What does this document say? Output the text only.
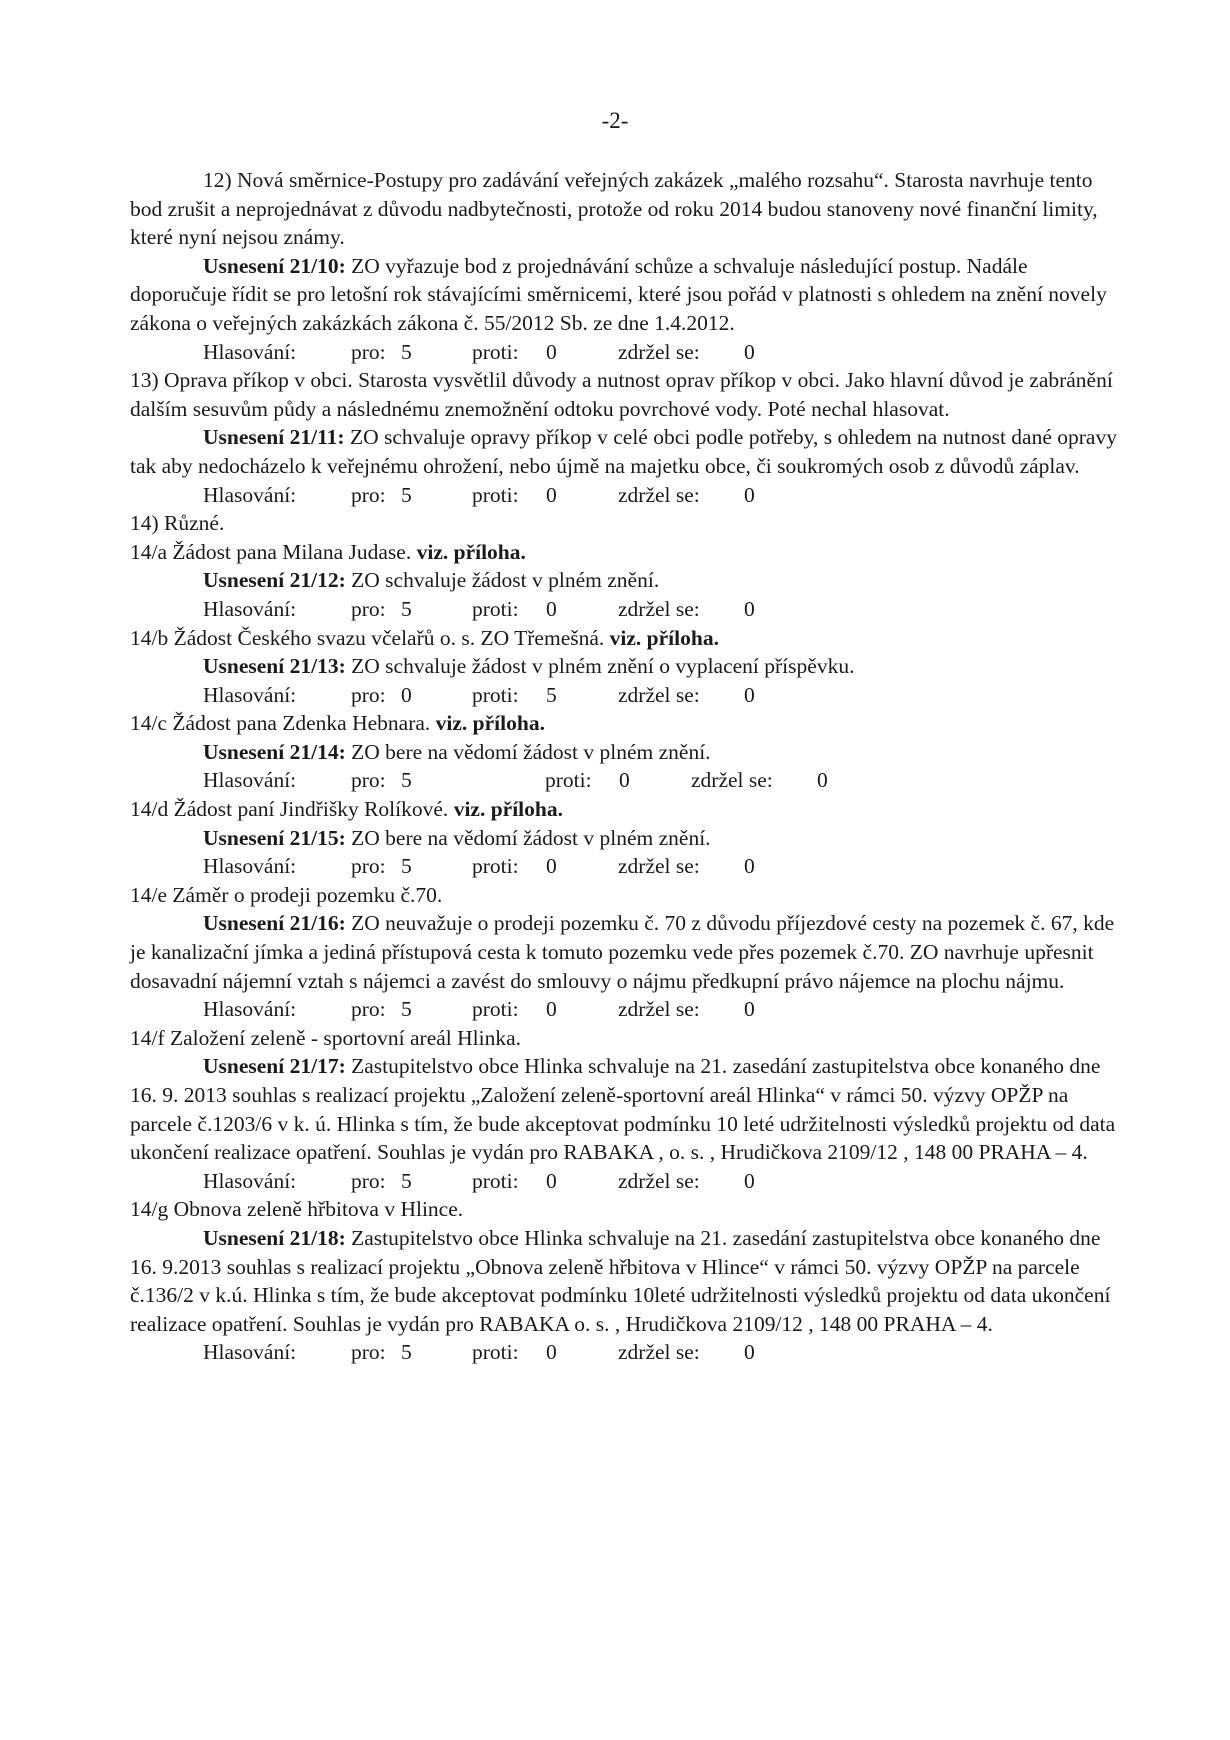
-2-

12) Nová směrnice-Postupy pro zadávání veřejných zakázek „malého rozsahu“. Starosta navrhuje tento bod zrušit a neprojednávat z důvodu nadbytečnosti, protože od roku 2014 budou stanoveny nové finanční limity, které nyní nejsou známy.

Usnesení 21/10: ZO vyřazuje bod z projednávání schůze a schvaluje následující postup. Nadále doporučuje řídit se pro letošní rok stávajícími směrnicemi, které jsou pořád v platnosti s ohledem na znění novely zákona o veřejných zakázkách zákona č. 55/2012 Sb. ze dne 1.4.2012.

Hlasování:	pro: 5	proti: 0	zdržel se: 0

13) Oprava příkop v obci. Starosta vysvětlil důvody a nutnost oprav příkop v obci. Jako hlavní důvod je zabránění dalším sesuvům půdy a následnému znemožnění odtoku povrchové vody. Poté nechal hlasovat.

Usnesení 21/11: ZO schvaluje opravy příkop v celé obci podle potřeby, s ohledem na nutnost dané opravy tak aby nedocházelo k veřejnému ohrožení, nebo újmě na majetku obce, či soukromých osob z důvodů záplav.

Hlasování:	pro: 5	proti: 0	zdržel se: 0

14) Různé.

14/a Žádost pana Milana Judase. viz. příloha.

Usnesení 21/12: ZO schvaluje žádost v plném znění.

Hlasování:	pro: 5	proti: 0	zdržel se: 0

14/b Žádost Českého svazu včelařů o. s. ZO Třemešná. viz. příloha.

Usnesení 21/13: ZO schvaluje žádost v plném znění o vyplacení příspěvku.

Hlasování:	pro: 0	proti: 5	zdržel se: 0

14/c Žádost pana Zdenka Hebnara. viz. příloha.

Usnesení 21/14: ZO bere na vědomí žádost v plném znění.

Hlasování:	pro: 5	proti: 0	zdržel se: 0

14/d Žádost paní Jindřišky Rolíkové. viz. příloha.

Usnesení 21/15: ZO bere na vědomí žádost v plném znění.

Hlasování:	pro: 5	proti: 0	zdržel se: 0

14/e Záměr o prodeji pozemku č.70.

Usnesení 21/16: ZO neuvažuje o prodeji pozemku č. 70 z důvodu příjezdové cesty na pozemek č. 67, kde je kanalizační jímka a jediná přístupová cesta k tomuto pozemku vede přes pozemek č.70. ZO navrhuje upřesnit dosavadní nájemní vztah s nájemci a zavést do smlouvy o nájmu předkupní právo nájemce na plochu nájmu.

Hlasování:	pro: 5	proti: 0	zdržel se: 0

14/f Založení zeleně - sportovní areál Hlinka.

Usnesení 21/17: Zastupitelstvo obce Hlinka schvaluje na 21. zasedání zastupitelstva obce konaného dne 16. 9. 2013 souhlas s realizací projektu „Založení zeleně-sportovní areál Hlinka“ v rámci 50. výzvy OPŽP na parcele č.1203/6 v k. ú. Hlinka s tím, že bude akceptovat podmínku 10 leté udržitelnosti výsledků projektu od data ukončení realizace opatření. Souhlas je vydán pro RABAKA , o. s. , Hrudičkova 2109/12 , 148 00 PRAHA – 4.

Hlasování:	pro: 5	proti: 0	zdržel se: 0

14/g Obnova zeleně hřbitova v Hlince.

Usnesení 21/18: Zastupitelstvo obce Hlinka schvaluje na 21. zasedání zastupitelstva obce konaného dne 16. 9.2013 souhlas s realizací projektu „Obnova zeleně hřbitova v Hlince“ v rámci 50. výzvy OPŽP na parcele č.136/2 v k.ú. Hlinka s tím, že bude akceptovat podmínku 10leté udržitelnosti výsledků projektu od data ukončení realizace opatření. Souhlas je vydán pro RABAKA o. s. , Hrudičkova 2109/12 , 148 00 PRAHA – 4.

Hlasování:	pro: 5	proti: 0	zdržel se: 0
